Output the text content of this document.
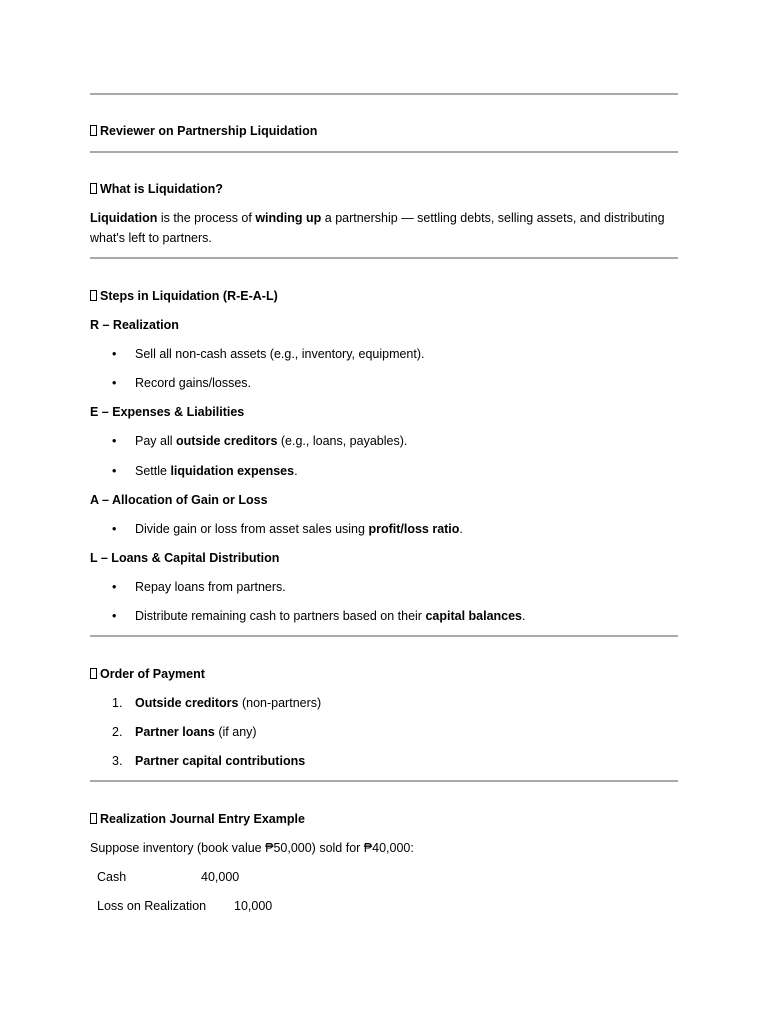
Reviewer on Partnership Liquidation
What is Liquidation?
Liquidation is the process of winding up a partnership — settling debts, selling assets, and distributing what's left to partners.
Steps in Liquidation (R-E-A-L)
R – Realization
• Sell all non-cash assets (e.g., inventory, equipment).
• Record gains/losses.
E – Expenses & Liabilities
• Pay all outside creditors (e.g., loans, payables).
• Settle liquidation expenses.
A – Allocation of Gain or Loss
• Divide gain or loss from asset sales using profit/loss ratio.
L – Loans & Capital Distribution
• Repay loans from partners.
• Distribute remaining cash to partners based on their capital balances.
Order of Payment
1. Outside creditors (non-partners)
2. Partner loans (if any)
3. Partner capital contributions
Realization Journal Entry Example
Suppose inventory (book value ₱50,000) sold for ₱40,000:
Cash	40,000
Loss on Realization 10,000
